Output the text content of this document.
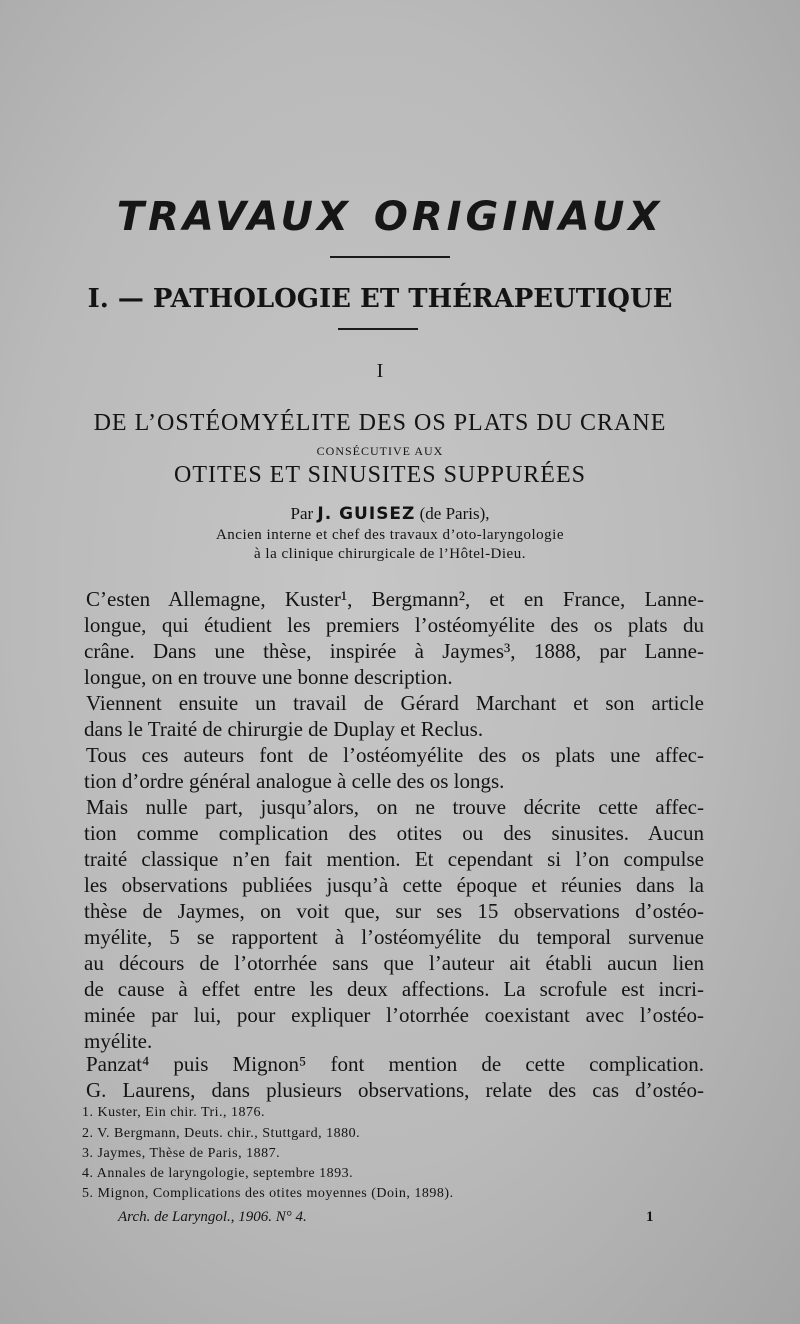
TRAVAUX ORIGINAUX
I. — PATHOLOGIE ET THÉRAPEUTIQUE
I
DE L’OSTÉOMYÉLITE DES OS PLATS DU CRANE
CONSÉCUTIVE AUX
OTITES ET SINUSITES SUPPURÉES
Par J. GUISEZ (de Paris),
Ancien interne et chef des travaux d’oto-laryngologie
à la clinique chirurgicale de l’Hôtel-Dieu.
C’esten Allemagne, Kuster¹, Bergmann², et en France, Lanne-
longue, qui étudient les premiers l’ostéomyélite des os plats du
crâne. Dans une thèse, inspirée à Jaymes³, 1888, par Lanne-
longue, on en trouve une bonne description.
Viennent ensuite un travail de Gérard Marchant et son article
dans le Traité de chirurgie de Duplay et Reclus.
Tous ces auteurs font de l’ostéomyélite des os plats une affec-
tion d’ordre général analogue à celle des os longs.
Mais nulle part, jusqu’alors, on ne trouve décrite cette affec-
tion comme complication des otites ou des sinusites. Aucun
traité classique n’en fait mention. Et cependant si l’on compulse
les observations publiées jusqu’à cette époque et réunies dans la
thèse de Jaymes, on voit que, sur ses 15 observations d’ostéo-
myélite, 5 se rapportent à l’ostéomyélite du temporal survenue
au décours de l’otorrhée sans que l’auteur ait établi aucun lien
de cause à effet entre les deux affections. La scrofule est incri-
minée par lui, pour expliquer l’otorrhée coexistant avec l’ostéo-
myélite.
Panzat⁴ puis Mignon⁵ font mention de cette complication.
G. Laurens, dans plusieurs observations, relate des cas d’ostéo-
1. Kuster, Ein chir. Tri., 1876.
2. V. Bergmann, Deuts. chir., Stuttgard, 1880.
3. Jaymes, Thèse de Paris, 1887.
4. Annales de laryngologie, septembre 1893.
5. Mignon, Complications des otites moyennes (Doin, 1898).
Arch. de Laryngol., 1906. N° 4.	1
